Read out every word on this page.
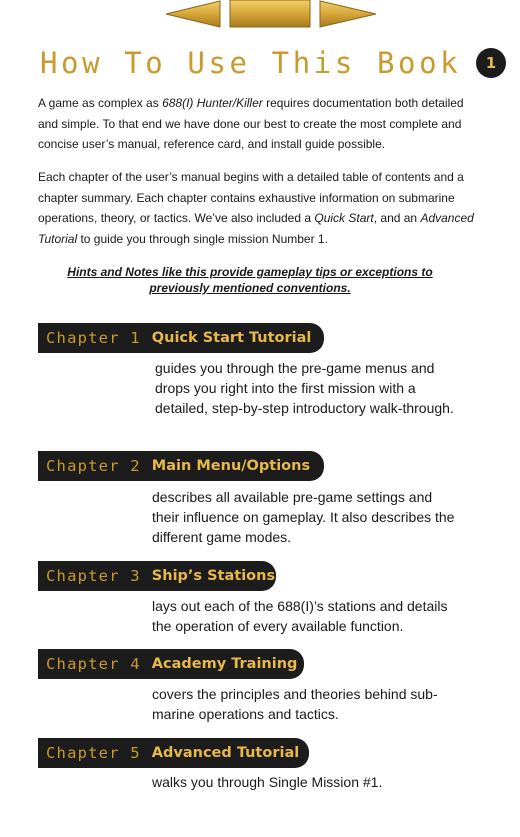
How To Use This Book	1
A game as complex as 688(I) Hunter/Killer requires documentation both detailed and simple. To that end we have done our best to create the most complete and concise user’s manual, reference card, and install guide possible.
Each chapter of the user’s manual begins with a detailed table of contents and a chapter summary. Each chapter contains exhaustive information on submarine operations, theory, or tactics. We’ve also included a Quick Start, and an Advanced Tutorial to guide you through single mission Number 1.
Hints and Notes like this provide gameplay tips or exceptions to previously mentioned conventions.
Chapter 1 Quick Start Tutorial
guides you through the pre-game menus and drops you right into the first mission with a detailed, step-by-step introductory walk-through.
Chapter 2 Main Menu/Options
describes all available pre-game settings and their influence on gameplay. It also describes the different game modes.
Chapter 3 Ship’s Stations
lays out each of the 688(I)’s stations and details the operation of every available function.
Chapter 4 Academy Training
covers the principles and theories behind sub-marine operations and tactics.
Chapter 5 Advanced Tutorial
walks you through Single Mission #1.
